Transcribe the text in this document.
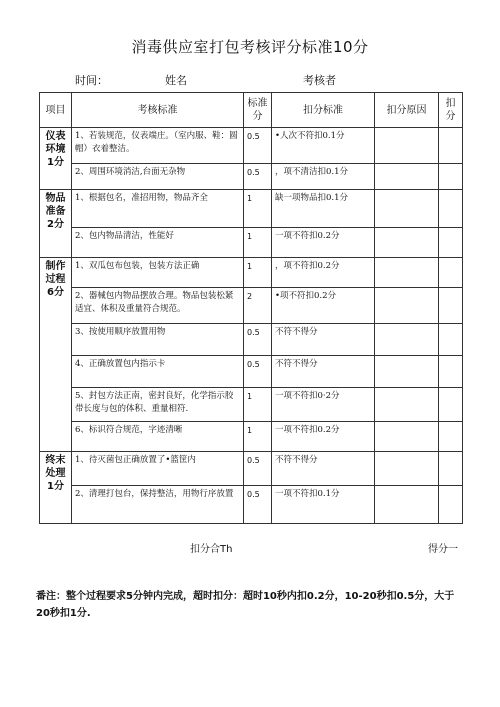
消毒供应室打包考核评分标准10分
时间：	姓名	考核者
项目	考核标准	标准分	扣分标准	扣分原因	扣分
仪表环境1分	1、若装规范，仪表端庄。（室内服、鞋：圆帽）衣着整洁。	0.5	•人次不符扣0.1分		
	2、周围环境消洁,台面无杂物	0.5	，项不清洁扣0.1分		
物品准备2分	1、根据包名，准招用物，物品齐全	1	缺一项物品扣0.1分		
	2、包内物品清洁，性能好	1	一项不符扣0.2分		
制作过程6分	1、双瓜包布包装，包装方法正确	1	，项不符扣0.2分		
	2、器械包内物品摆放合理。物品包装松紧适宜、体积及重量符合规范。	2	•项不符扣0.2分		
	3、按使用顺序放置用物	0.5	不符不得分		
	4、正确放置包内指示卡	0.5	不符不得分		
	5、封包方法正南，密封良好，化学指示胶带长度与包的体积、重量相符.	1	一项不符扣0·2分		
	6、标识符合规范，字迹清晰	1	一项不符扣0.2分		
终末处理1分	1、待灭菌包正确放置了•篮筐内	0.5	不符不得分		
	2、清理打包台，保持整洁，用物行序放置	0.5	一项不符扣0.1分		
扣分合Th	得分一
番注：整个过程要求5分钟内完成，超时扣分：超时10秒内扣0.2分，10-20秒扣0.5分，大于20秒扣1分.
